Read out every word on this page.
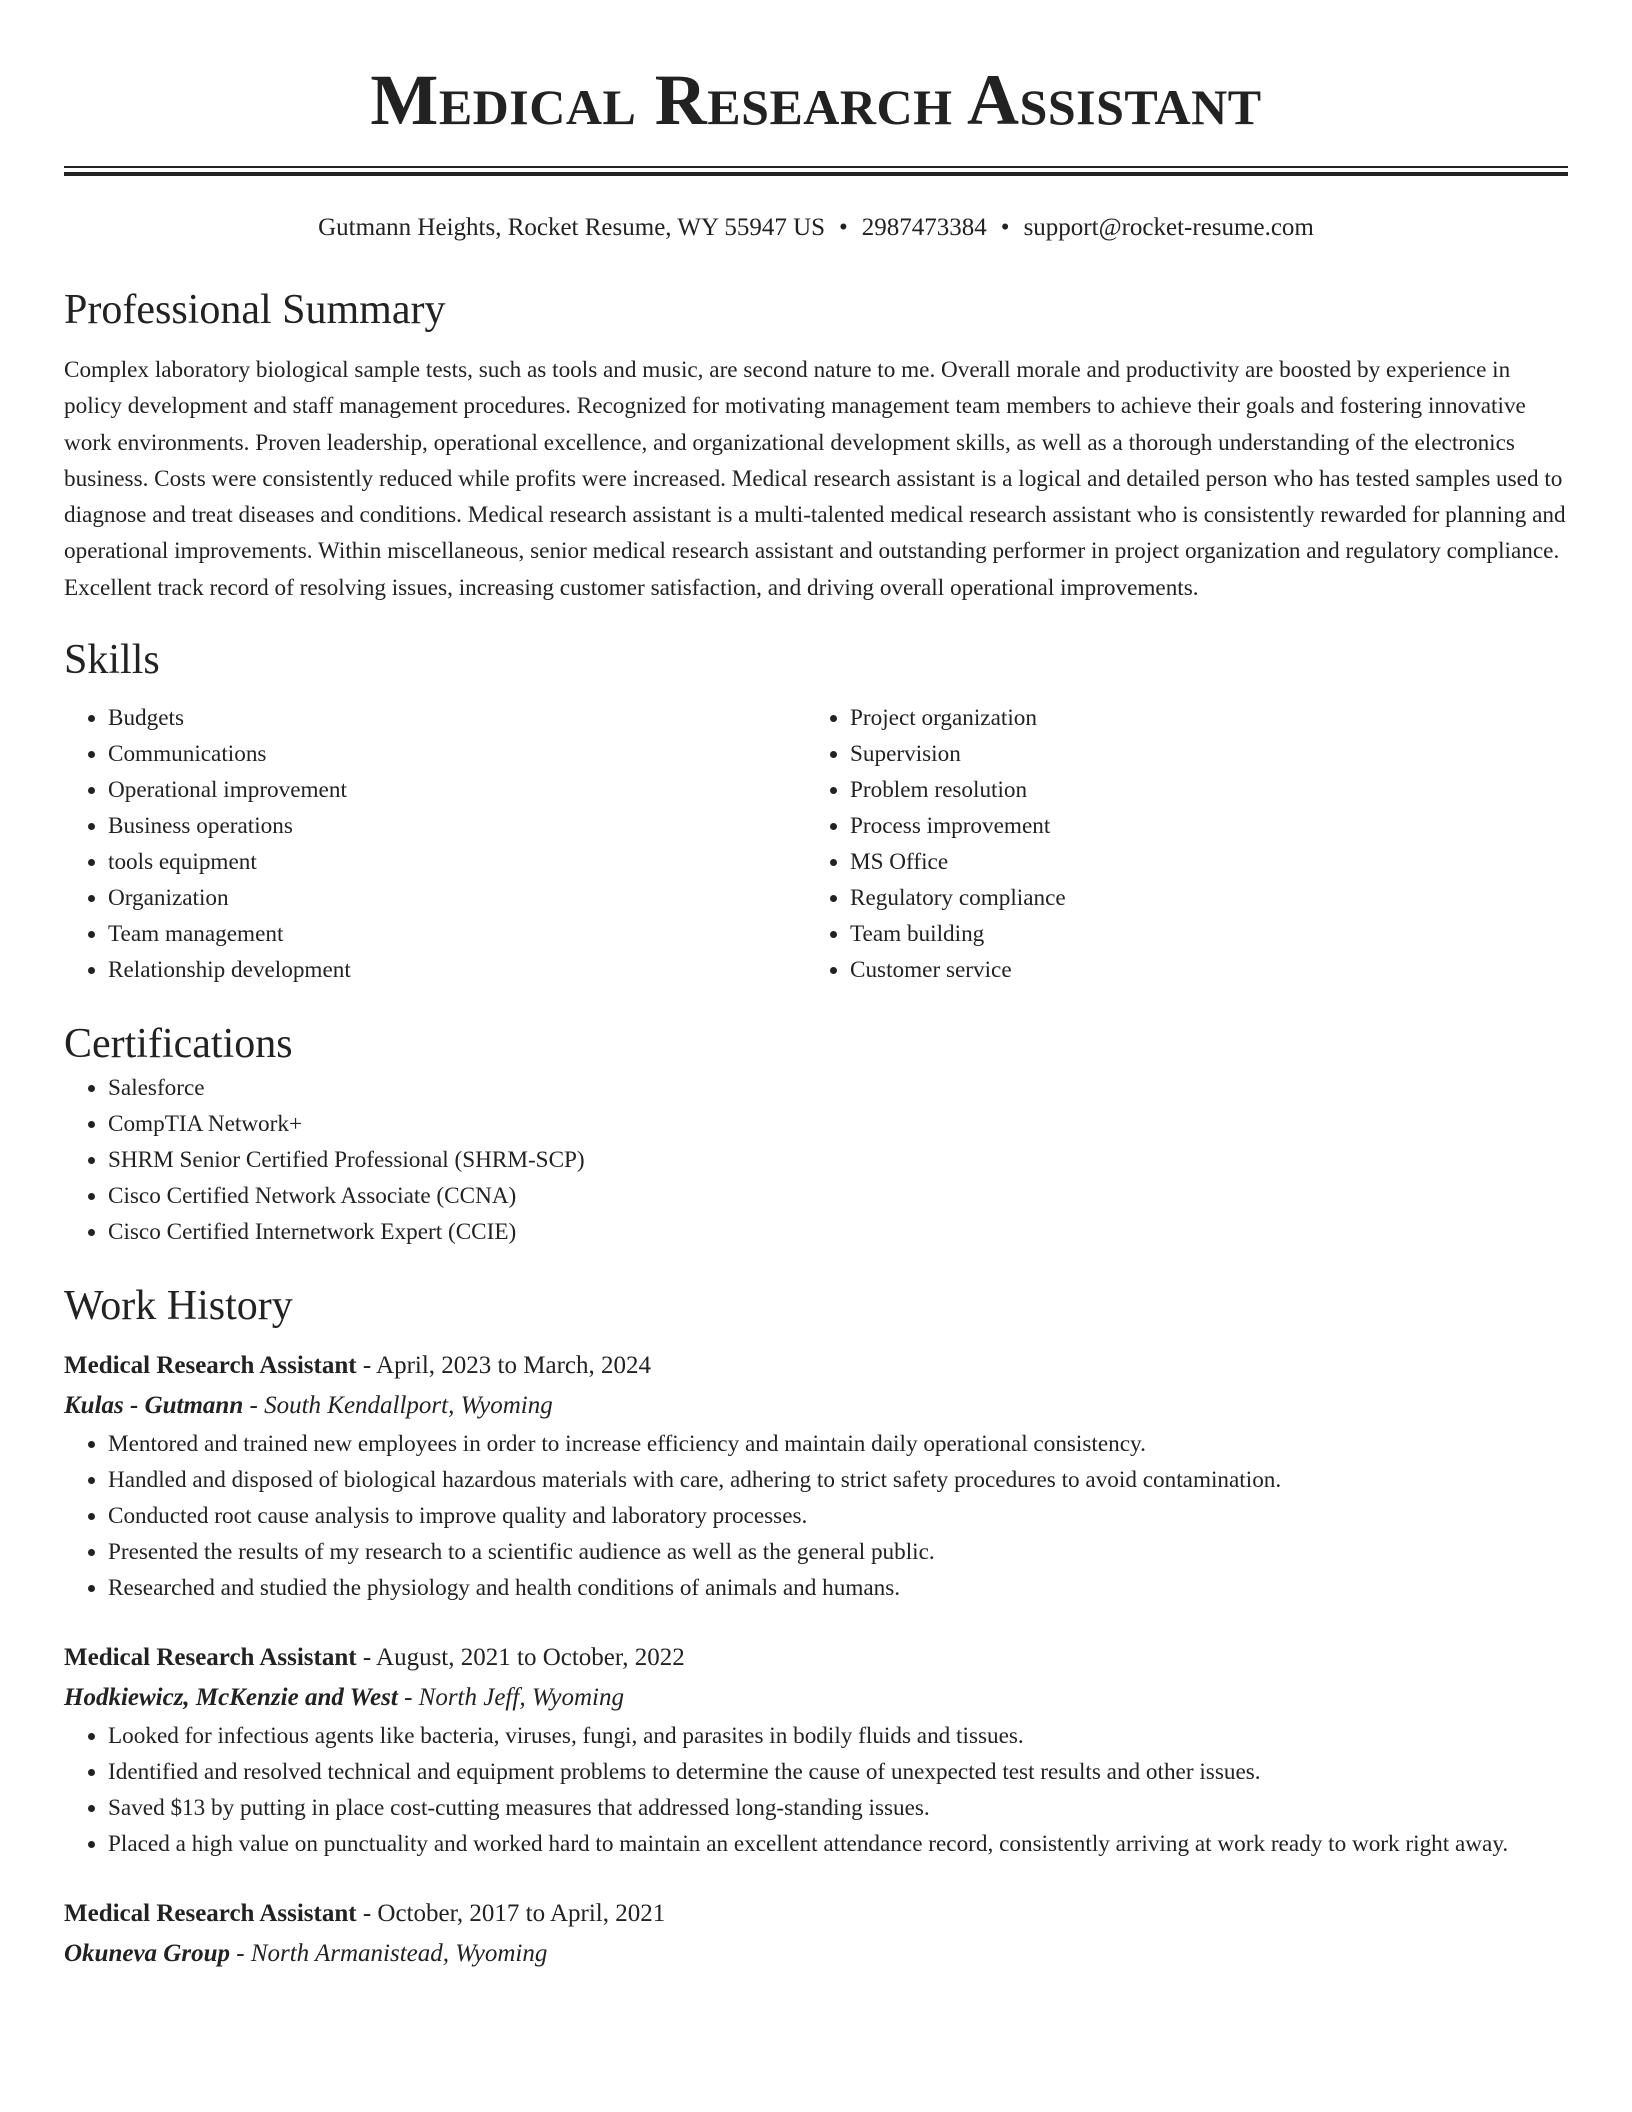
Medical Research Assistant
Gutmann Heights, Rocket Resume, WY 55947 US • 2987473384 • support@rocket-resume.com
Professional Summary

Complex laboratory biological sample tests, such as tools and music, are second nature to me. Overall morale and productivity are boosted by experience in policy development and staff management procedures. Recognized for motivating management team members to achieve their goals and fostering innovative work environments. Proven leadership, operational excellence, and organizational development skills, as well as a thorough understanding of the electronics business. Costs were consistently reduced while profits were increased. Medical research assistant is a logical and detailed person who has tested samples used to diagnose and treat diseases and conditions. Medical research assistant is a multi-talented medical research assistant who is consistently rewarded for planning and operational improvements. Within miscellaneous, senior medical research assistant and outstanding performer in project organization and regulatory compliance. Excellent track record of resolving issues, increasing customer satisfaction, and driving overall operational improvements.

Skills
• Budgets
• Communications
• Operational improvement
• Business operations
• tools equipment
• Organization
• Team management
• Relationship development
• Project organization
• Supervision
• Problem resolution
• Process improvement
• MS Office
• Regulatory compliance
• Team building
• Customer service
Certifications
• Salesforce
• CompTIA Network+
• SHRM Senior Certified Professional (SHRM-SCP)
• Cisco Certified Network Associate (CCNA)
• Cisco Certified Internetwork Expert (CCIE)
Work History
Medical Research Assistant - April, 2023 to March, 2024
Kulas - Gutmann - South Kendallport, Wyoming
• Mentored and trained new employees in order to increase efficiency and maintain daily operational consistency.
• Handled and disposed of biological hazardous materials with care, adhering to strict safety procedures to avoid contamination.
• Conducted root cause analysis to improve quality and laboratory processes.
• Presented the results of my research to a scientific audience as well as the general public.
• Researched and studied the physiology and health conditions of animals and humans.
Medical Research Assistant - August, 2021 to October, 2022
Hodkiewicz, McKenzie and West - North Jeff, Wyoming
• Looked for infectious agents like bacteria, viruses, fungi, and parasites in bodily fluids and tissues.
• Identified and resolved technical and equipment problems to determine the cause of unexpected test results and other issues.
• Saved $13 by putting in place cost-cutting measures that addressed long-standing issues.
• Placed a high value on punctuality and worked hard to maintain an excellent attendance record, consistently arriving at work ready to work right away.
Medical Research Assistant - October, 2017 to April, 2021
Okuneva Group - North Armanistead, Wyoming
